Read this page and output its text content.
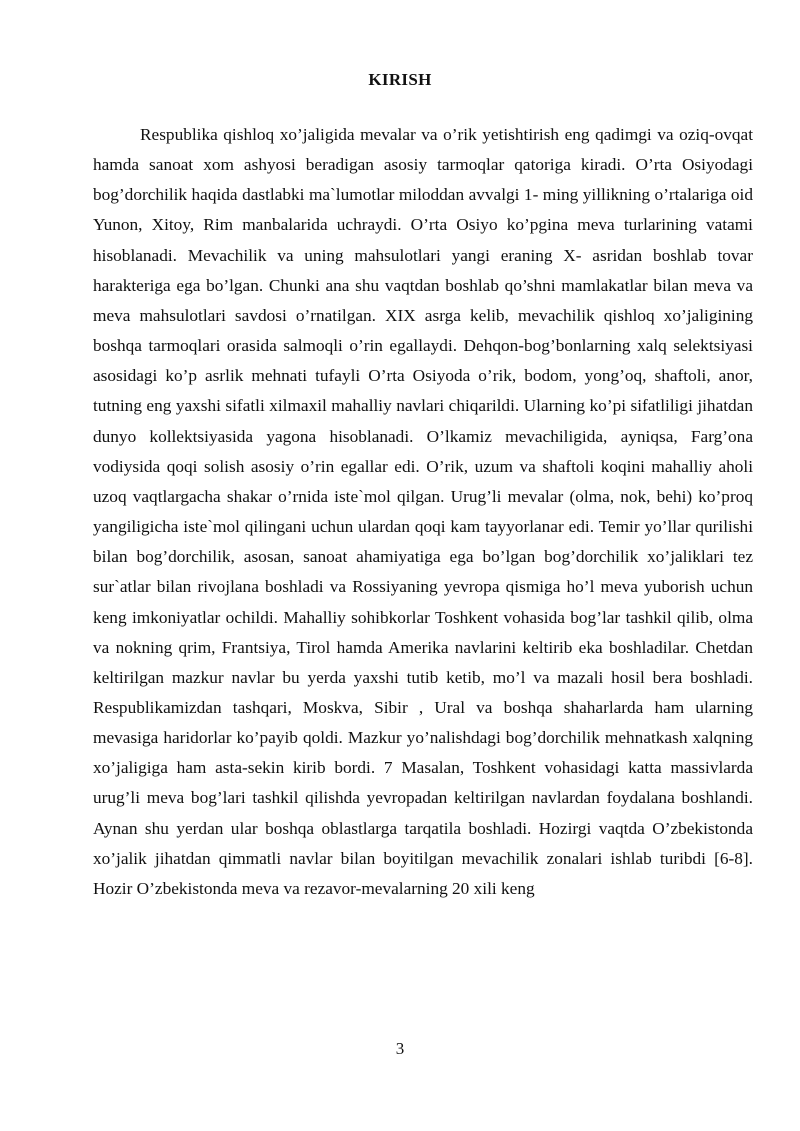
KIRISH

Respublika qishloq xo’jaligida mevalar va o’rik yetishtirish eng qadimgi va oziq-ovqat hamda sanoat xom ashyosi beradigan asosiy tarmoqlar qatoriga kiradi. O’rta Osiyodagi bog’dorchilik haqida dastlabki ma`lumotlar miloddan avvalgi 1- ming yillikning o’rtalariga oid Yunon, Xitoy, Rim manbalarida uchraydi. O’rta Osiyo ko’pgina meva turlarining vatami hisoblanadi. Mevachilik va uning mahsulotlari yangi eraning X- asridan boshlab tovar harakteriga ega bo’lgan. Chunki ana shu vaqtdan boshlab qo’shni mamlakatlar bilan meva va meva mahsulotlari savdosi o’rnatilgan. XIX asrga kelib, mevachilik qishloq xo’jaligining boshqa tarmoqlari orasida salmoqli o’rin egallaydi. Dehqon-bog’bonlarning xalq selektsiyasi asosidagi ko’p asrlik mehnati tufayli O’rta Osiyoda o’rik, bodom, yong’oq, shaftoli, anor, tutning eng yaxshi sifatli xilmaxil mahalliy navlari chiqarildi. Ularning ko’pi sifatliligi jihatdan dunyo kollektsiyasida yagona hisoblanadi. O’lkamiz mevachiligida, ayniqsa, Farg’ona vodiysida qoqi solish asosiy o’rin egallar edi. O’rik, uzum va shaftoli koqini mahalliy aholi uzoq vaqtlargacha shakar o’rnida iste`mol qilgan. Urug’li mevalar (olma, nok, behi) ko’proq yangiligicha iste`mol qilingani uchun ulardan qoqi kam tayyorlanar edi. Temir yo’llar qurilishi bilan bog’dorchilik, asosan, sanoat ahamiyatiga ega bo’lgan bog’dorchilik xo’jaliklari tez sur`atlar bilan rivojlana boshladi va Rossiyaning yevropa qismiga ho’l meva yuborish uchun keng imkoniyatlar ochildi. Mahalliy sohibkorlar Toshkent vohasida bog’lar tashkil qilib, olma va nokning qrim, Frantsiya, Tirol hamda Amerika navlarini keltirib eka boshladilar. Chetdan keltirilgan mazkur navlar bu yerda yaxshi tutib ketib, mo’l va mazali hosil bera boshladi. Respublikamizdan tashqari, Moskva, Sibir , Ural va boshqa shaharlarda ham ularning mevasiga haridorlar ko’payib qoldi. Mazkur yo’nalishdagi bog’dorchilik mehnatkash xalqning xo’jaligiga ham asta-sekin kirib bordi. 7 Masalan, Toshkent vohasidagi katta massivlarda urug’li meva bog’lari tashkil qilishda yevropadan keltirilgan navlardan foydalana boshlandi. Aynan shu yerdan ular boshqa oblastlarga tarqatila boshladi. Hozirgi vaqtda O’zbekistonda xo’jalik jihatdan qimmatli navlar bilan boyitilgan mevachilik zonalari ishlab turibdi [6-8]. Hozir O’zbekistonda meva va rezavor-mevalarning 20 xili keng

3
